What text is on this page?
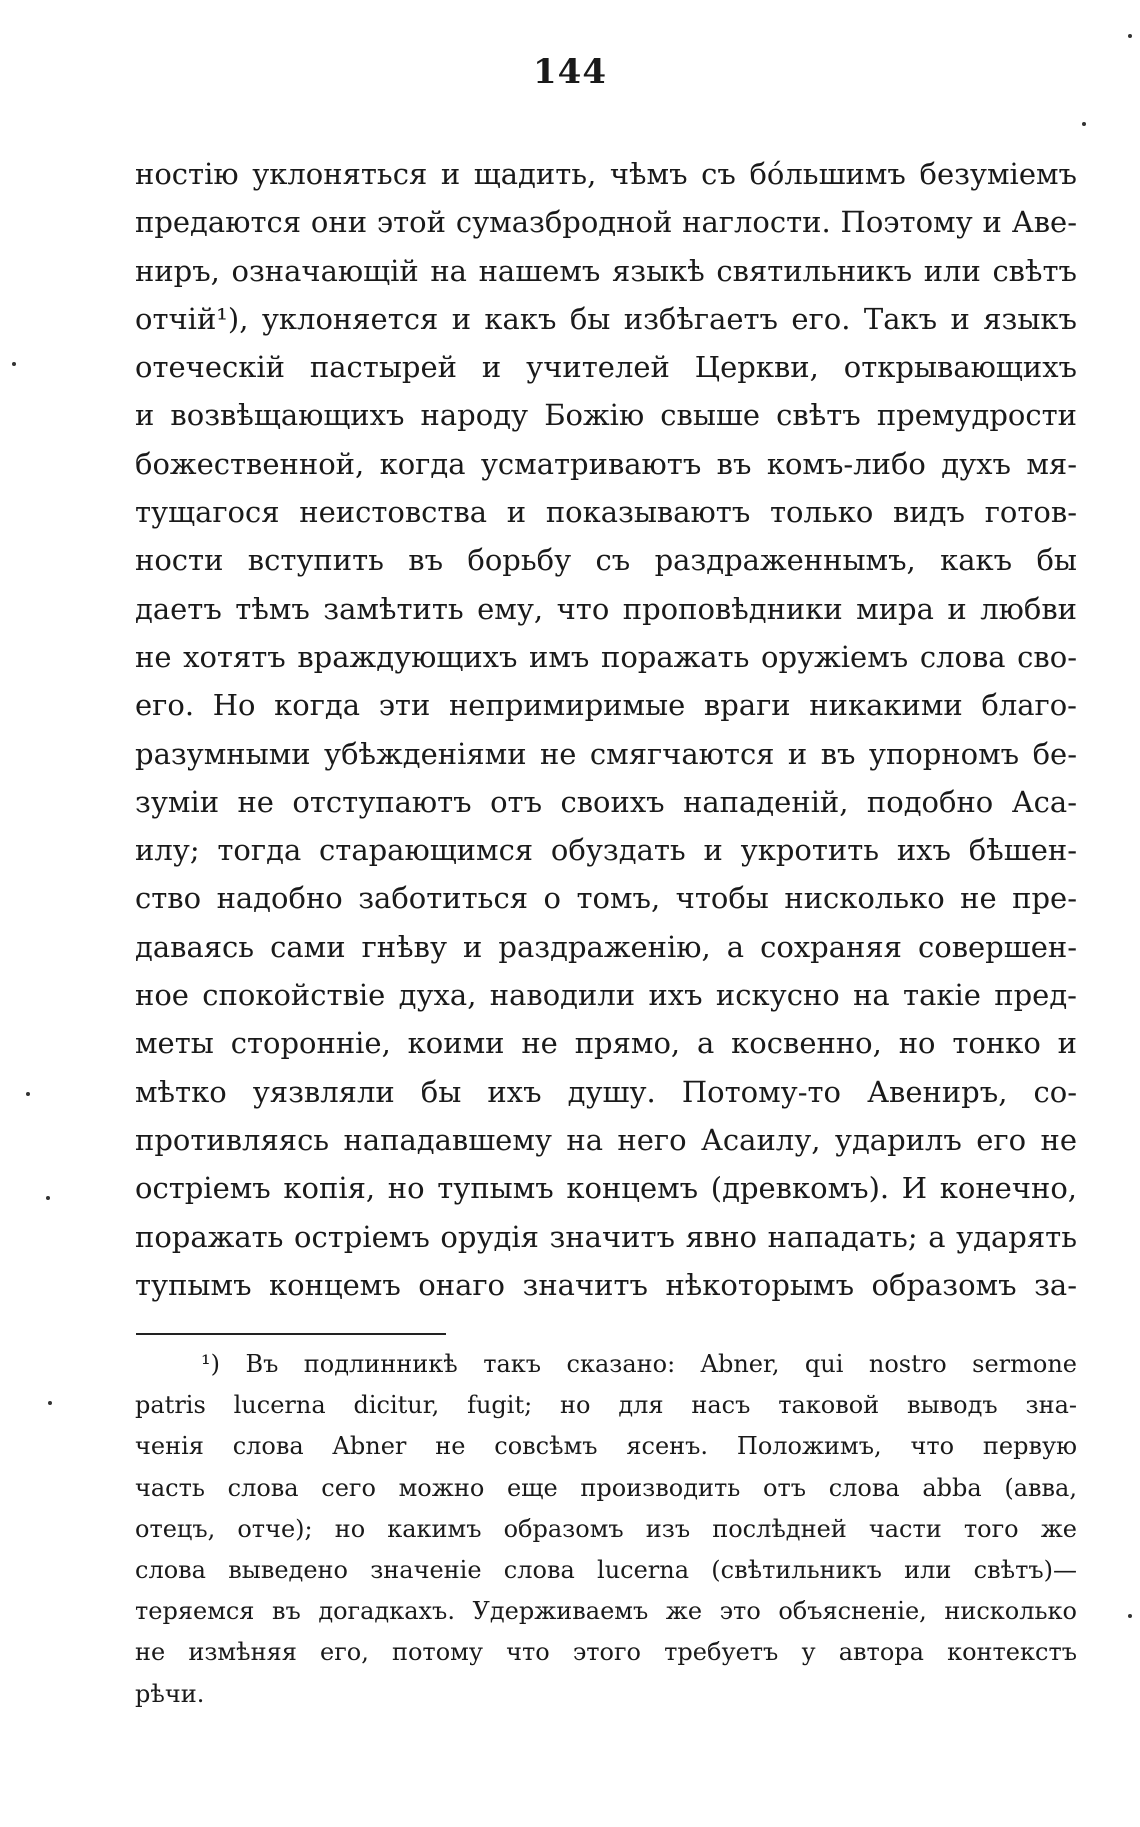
144
ностію уклоняться и щадить, чѣмъ съ бо́льшимъ безуміемъ
предаются они этой сумазбродной наглости. Поэтому и Аве-
ниръ, означающій на нашемъ языкѣ святильникъ или свѣтъ
отчій¹), уклоняется и какъ бы избѣгаетъ его. Такъ и языкъ
отеческій пастырей и учителей Церкви, открывающихъ
и возвѣщающихъ народу Божію свыше свѣтъ премудрости
божественной, когда усматриваютъ въ комъ-либо духъ мя-
тущагося неистовства и показываютъ только видъ готов-
ности вступить въ борьбу съ раздраженнымъ, какъ бы
даетъ тѣмъ замѣтить ему, что проповѣдники мира и любви
не хотятъ враждующихъ имъ поражать оружіемъ слова сво-
его. Но когда эти непримиримые враги никакими благо-
разумными убѣжденіями не смягчаются и въ упорномъ бе-
зуміи не отступаютъ отъ своихъ нападеній, подобно Аса-
илу; тогда старающимся обуздать и укротить ихъ бѣшен-
ство надобно заботиться о томъ, чтобы нисколько не пре-
даваясь сами гнѣву и раздраженію, а сохраняя совершен-
ное спокойствіе духа, наводили ихъ искусно на такіе пред-
меты сторонніе, коими не прямо, а косвенно, но тонко и
мѣтко уязвляли бы ихъ душу. Потому-то Авениръ, со-
противляясь нападавшему на него Асаилу, ударилъ его не
остріемъ копія, но тупымъ концемъ (древкомъ). И конечно,
поражать остріемъ орудія значитъ явно нападать; а ударять
тупымъ концемъ онаго значитъ нѣкоторымъ образомъ за-
¹) Въ подлинникѣ такъ сказано: Abner, qui nostro sermone
patris lucerna dicitur, fugit; но для насъ таковой выводъ зна-
ченія слова Abner не совсѣмъ ясенъ. Положимъ, что первую
часть слова сего можно еще производить отъ слова abba (авва,
отецъ, отче); но какимъ образомъ изъ послѣдней части того же
слова выведено значеніе слова lucerna (свѣтильникъ или свѣтъ)—
теряемся въ догадкахъ. Удерживаемъ же это объясненіе, нисколько
не измѣняя его, потому что этого требуетъ у автора контекстъ
рѣчи.
